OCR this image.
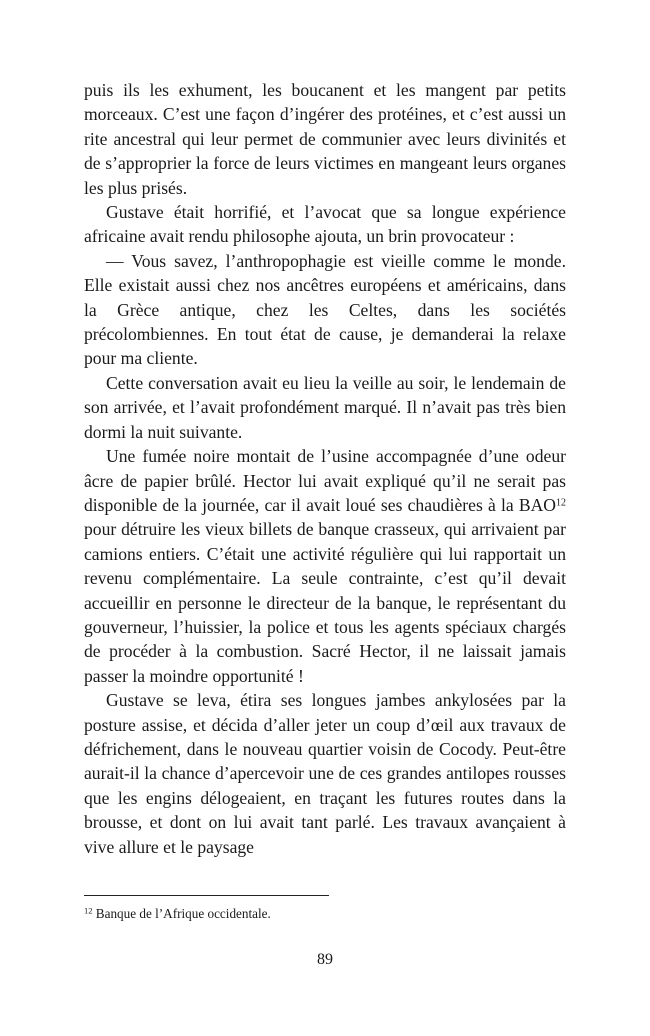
puis ils les exhument, les boucanent et les mangent par petits morceaux. C’est une façon d’ingérer des protéines, et c’est aussi un rite ancestral qui leur permet de communier avec leurs divinités et de s’approprier la force de leurs victimes en mangeant leurs organes les plus prisés.

Gustave était horrifié, et l’avocat que sa longue expérience africaine avait rendu philosophe ajouta, un brin provocateur :

— Vous savez, l’anthropophagie est vieille comme le monde. Elle existait aussi chez nos ancêtres européens et américains, dans la Grèce antique, chez les Celtes, dans les sociétés précolombiennes. En tout état de cause, je demanderai la relaxe pour ma cliente.

Cette conversation avait eu lieu la veille au soir, le lendemain de son arrivée, et l’avait profondément marqué. Il n’avait pas très bien dormi la nuit suivante.

Une fumée noire montait de l’usine accompagnée d’une odeur âcre de papier brûlé. Hector lui avait expliqué qu’il ne serait pas disponible de la journée, car il avait loué ses chaudières à la BAO$^{12}$ pour détruire les vieux billets de banque crasseux, qui arrivaient par camions entiers. C’était une activité régulière qui lui rapportait un revenu complémentaire. La seule contrainte, c’est qu’il devait accueillir en personne le directeur de la banque, le représentant du gouverneur, l’huissier, la police et tous les agents spéciaux chargés de procéder à la combustion. Sacré Hector, il ne laissait jamais passer la moindre opportunité !

Gustave se leva, étira ses longues jambes ankylosées par la posture assise, et décida d’aller jeter un coup d’œil aux travaux de défrichement, dans le nouveau quartier voisin de Cocody. Peut-être aurait-il la chance d’apercevoir une de ces grandes antilopes rousses que les engins délogeaient, en traçant les futures routes dans la brousse, et dont on lui avait tant parlé. Les travaux avançaient à vive allure et le paysage

$^{12}$ Banque de l’Afrique occidentale.
89
